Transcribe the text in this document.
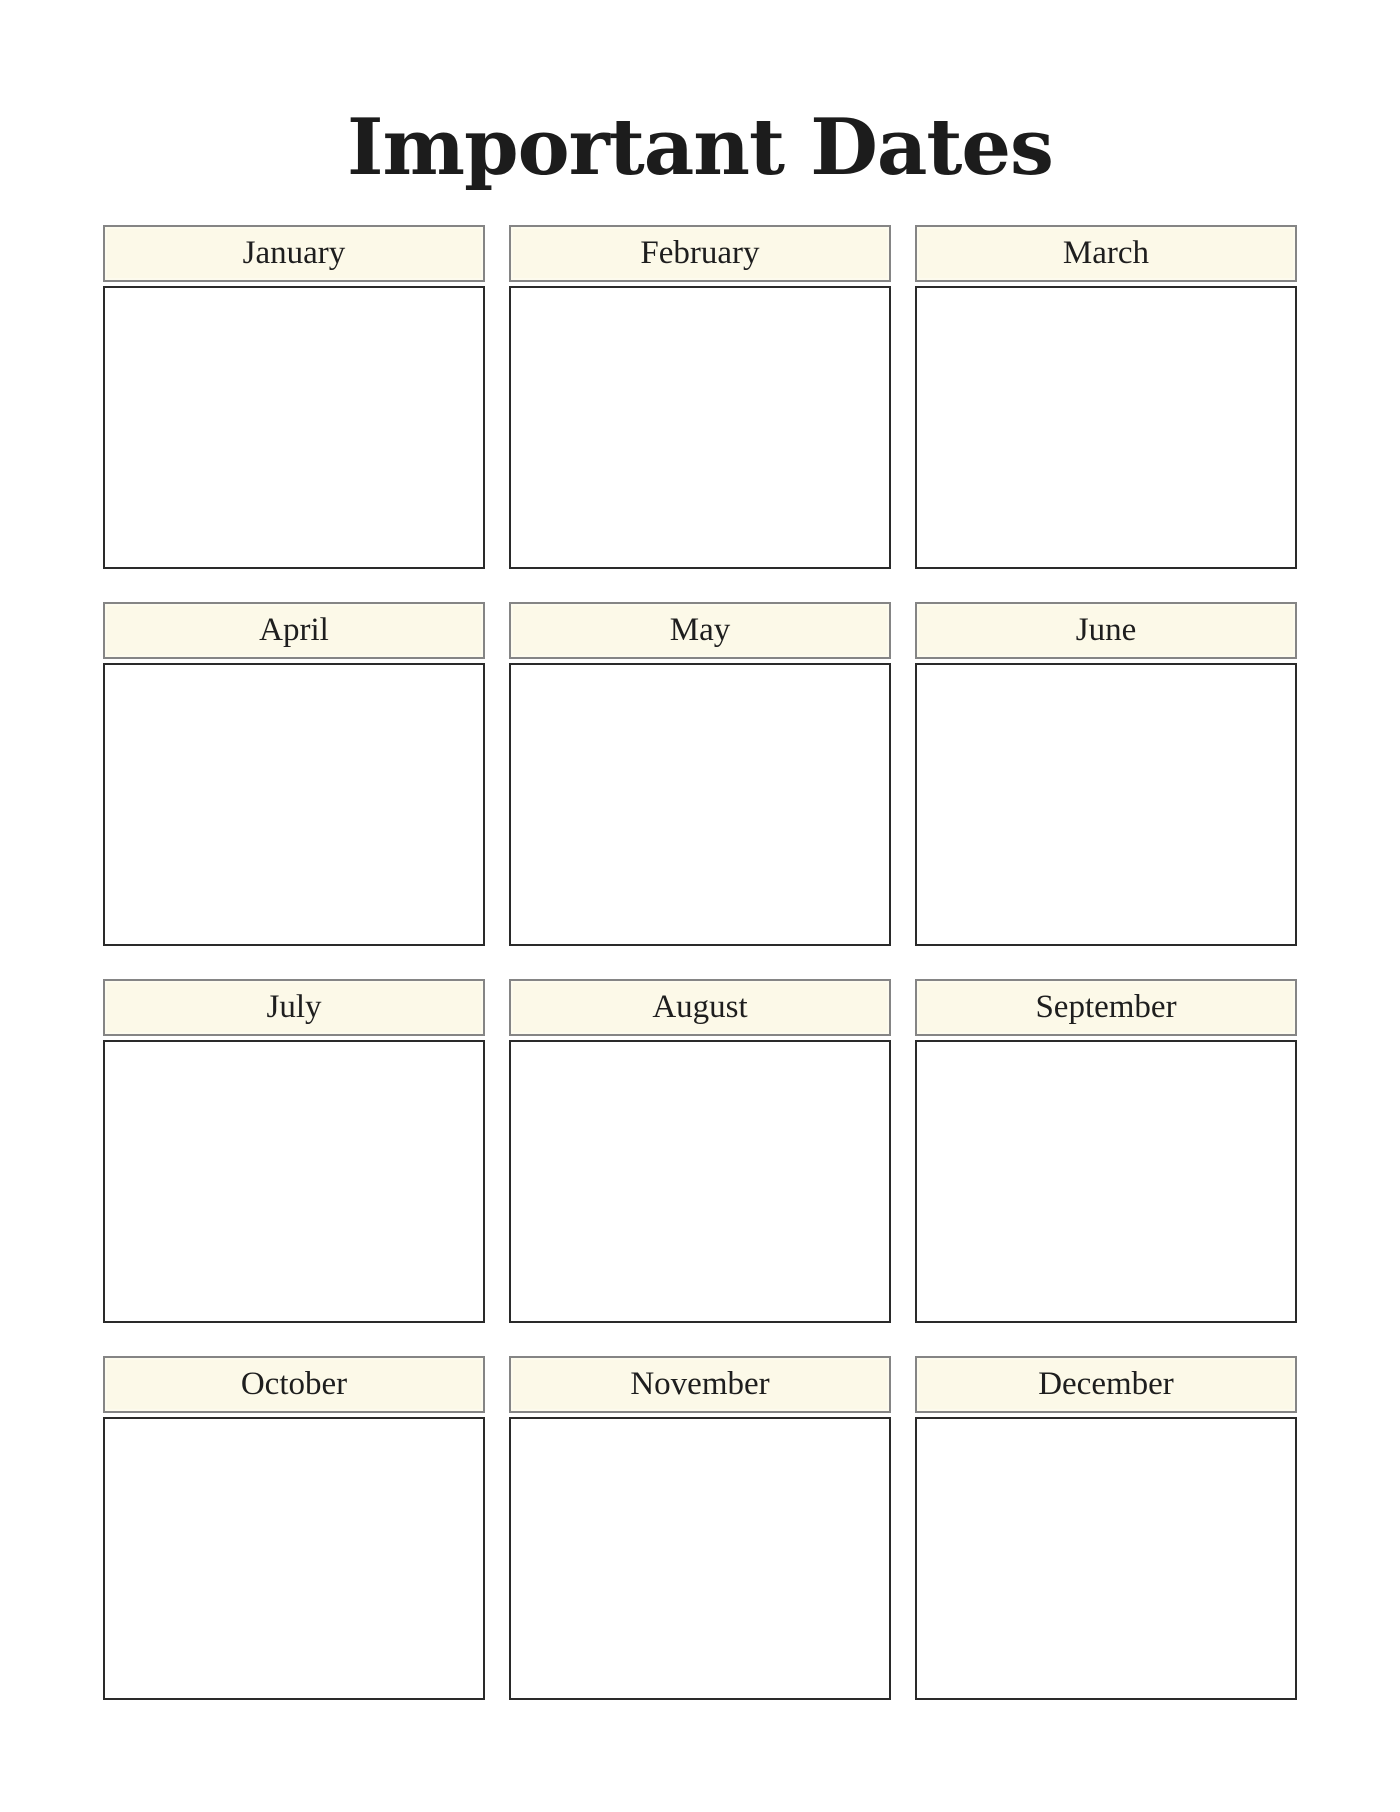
Important Dates
January	February	March
April	May	June
July	August	September
October	November	December
